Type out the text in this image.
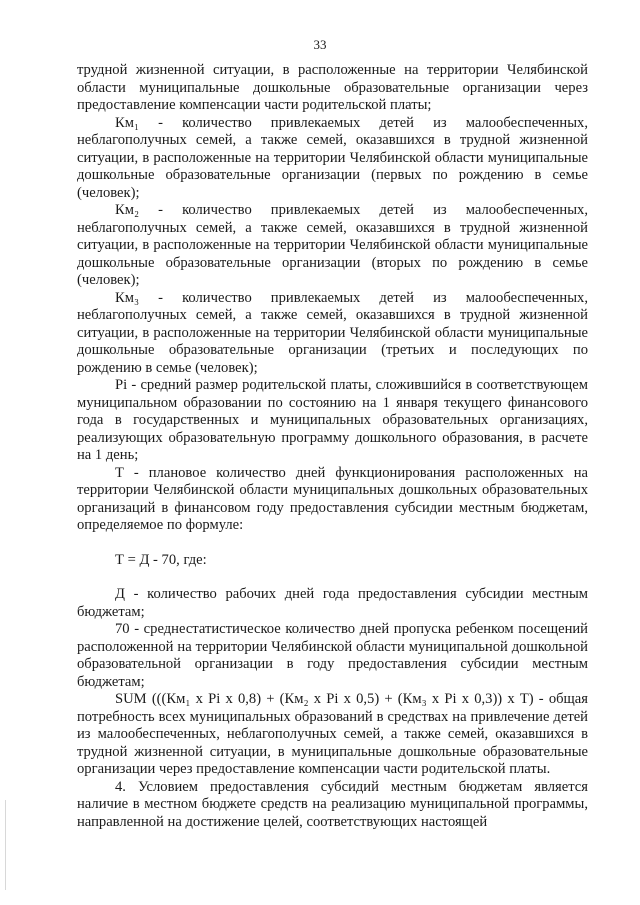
33

трудной жизненной ситуации, в расположенные на территории Челябинской области муниципальные дошкольные образовательные организации через предоставление компенсации части родительской платы;

Км₁ - количество привлекаемых детей из малообеспеченных, неблагополучных семей, а также семей, оказавшихся в трудной жизненной ситуации, в расположенные на территории Челябинской области муниципальные дошкольные образовательные организации (первых по рождению в семье (человек);

Км₂ - количество привлекаемых детей из малообеспеченных, неблагополучных семей, а также семей, оказавшихся в трудной жизненной ситуации, в расположенные на территории Челябинской области муниципальные дошкольные образовательные организации (вторых по рождению в семье (человек);

Км₃ - количество привлекаемых детей из малообеспеченных, неблагополучных семей, а также семей, оказавшихся в трудной жизненной ситуации, в расположенные на территории Челябинской области муниципальные дошкольные образовательные организации (третьих и последующих по рождению в семье (человек);

Pi - средний размер родительской платы, сложившийся в соответствующем муниципальном образовании по состоянию на 1 января текущего финансового года в государственных и муниципальных образовательных организациях, реализующих образовательную программу дошкольного образования, в расчете на 1 день;

Т - плановое количество дней функционирования расположенных на территории Челябинской области муниципальных дошкольных образовательных организаций в финансовом году предоставления субсидии местным бюджетам, определяемое по формуле:

Т = Д - 70, где:

Д - количество рабочих дней года предоставления субсидии местным бюджетам;

70 - среднестатистическое количество дней пропуска ребенком посещений расположенной на территории Челябинской области муниципальной дошкольной образовательной организации в году предоставления субсидии местным бюджетам;

SUM (((Км₁ x Pi x 0,8) + (Км₂ x Pi x 0,5) + (Км₃ x Pi x 0,3)) x Т) - общая потребность всех муниципальных образований в средствах на привлечение детей из малообеспеченных, неблагополучных семей, а также семей, оказавшихся в трудной жизненной ситуации, в муниципальные дошкольные образовательные организации через предоставление компенсации части родительской платы.

4. Условием предоставления субсидий местным бюджетам является наличие в местном бюджете средств на реализацию муниципальной программы, направленной на достижение целей, соответствующих настоящей
